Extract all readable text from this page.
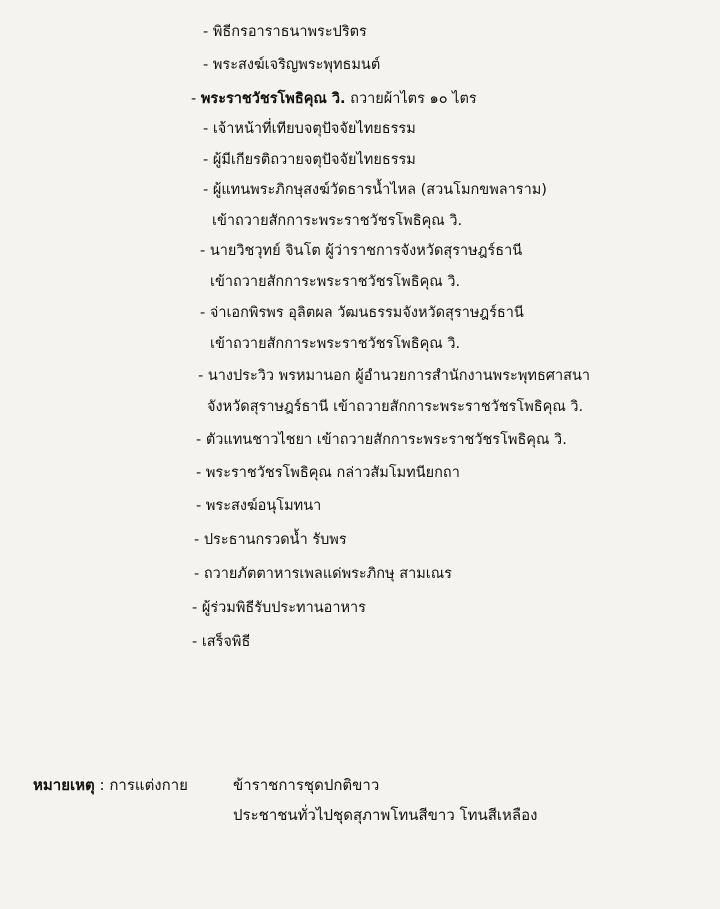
- พิธีกรอาราธนาพระปริตร
- พระสงฆ์เจริญพระพุทธมนต์
- พระราชวัชรโพธิคุณ วิ. ถวายผ้าไตร ๑๐ ไตร
- เจ้าหน้าที่เทียบจตุปัจจัยไทยธรรม
- ผู้มีเกียรติถวายจตุปัจจัยไทยธรรม
- ผู้แทนพระภิกษุสงฆ์วัดธารน้ำไหล (สวนโมกขพลาราม)
เข้าถวายสักการะพระราชวัชรโพธิคุณ วิ.
- นายวิชวุทย์ จินโต ผู้ว่าราชการจังหวัดสุราษฎร์ธานี
เข้าถวายสักการะพระราชวัชรโพธิคุณ วิ.
- จ่าเอกพิรพร อุลิตผล วัฒนธรรมจังหวัดสุราษฎร์ธานี
เข้าถวายสักการะพระราชวัชรโพธิคุณ วิ.
- นางประวิว พรหมานอก ผู้อำนวยการสำนักงานพระพุทธศาสนา
จังหวัดสุราษฎร์ธานี เข้าถวายสักการะพระราชวัชรโพธิคุณ วิ.
- ตัวแทนชาวไชยา เข้าถวายสักการะพระราชวัชรโพธิคุณ วิ.
- พระราชวัชรโพธิคุณ กล่าวสัมโมทนียกถา
- พระสงฆ์อนุโมทนา
- ประธานกรวดน้ำ รับพร
- ถวายภัตตาหารเพลแด่พระภิกษุ สามเณร
- ผู้ร่วมพิธีรับประทานอาหาร
- เสร็จพิธี
หมายเหตุ : การแต่งกาย	ข้าราชการชุดปกติขาว
ประชาชนทั่วไปชุดสุภาพโทนสีขาว โทนสีเหลือง
